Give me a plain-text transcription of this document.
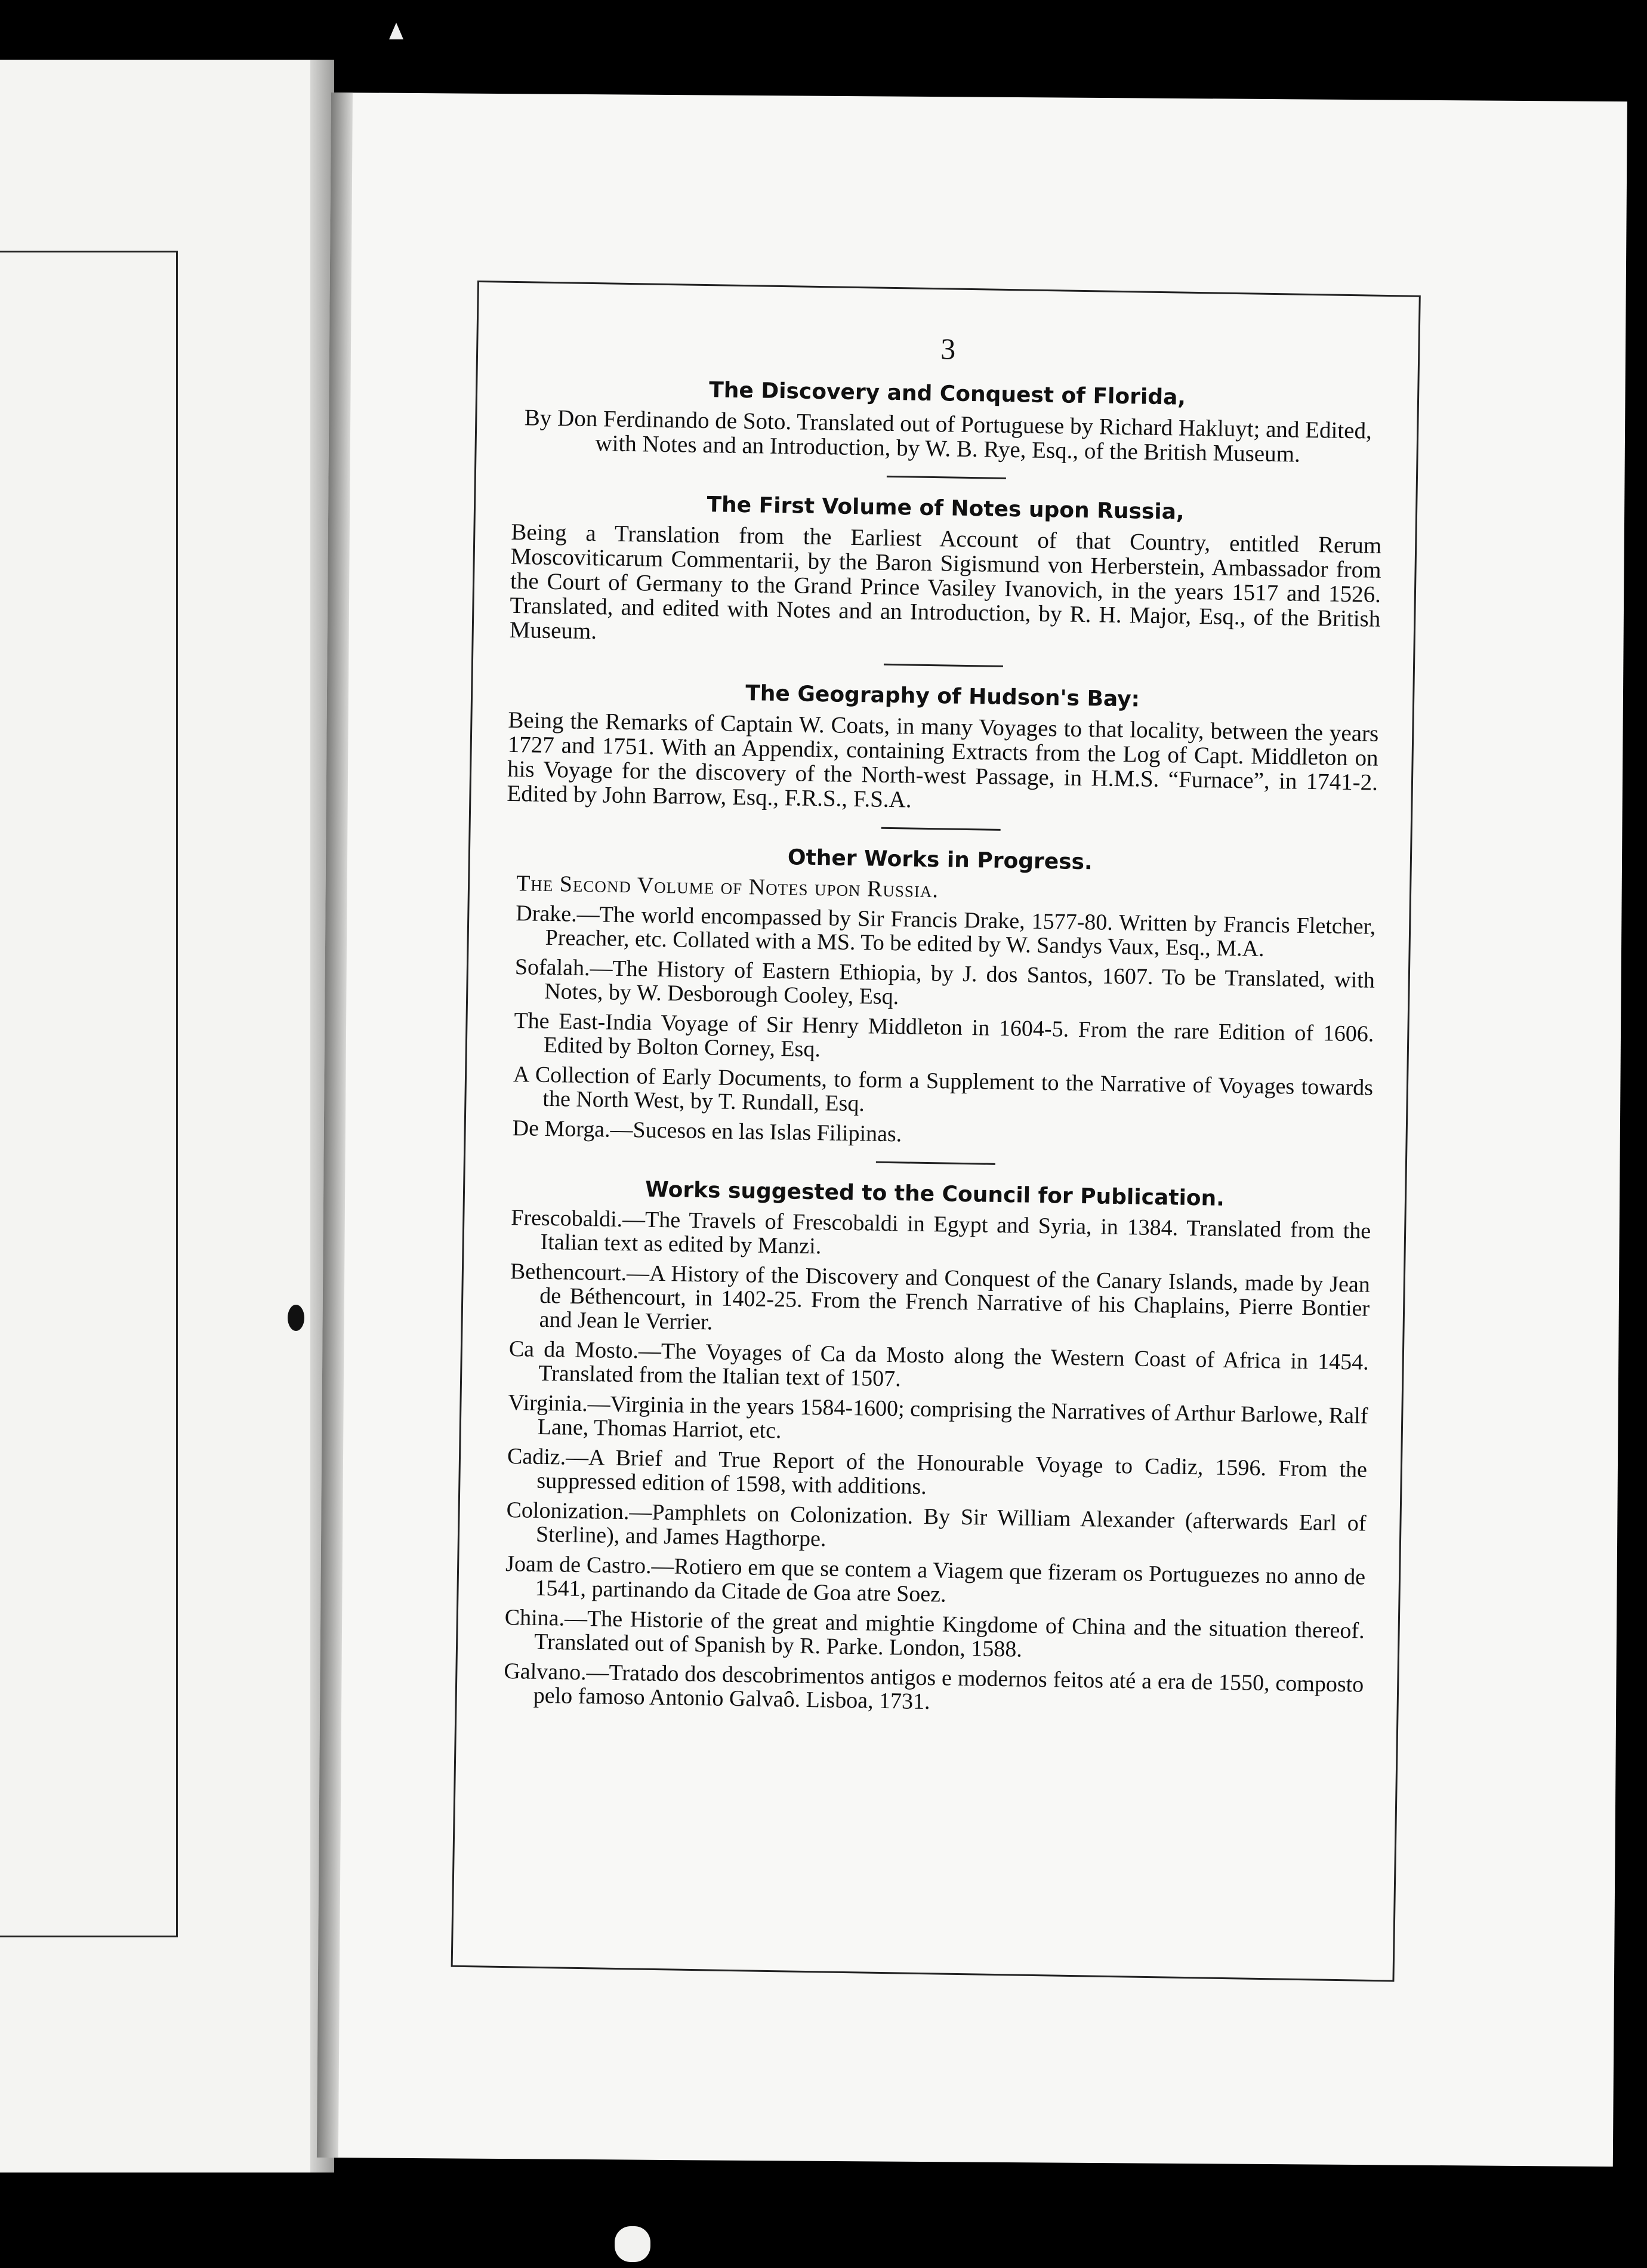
3
The Discovery and Conquest of Florida,
By Don Ferdinando de Soto. Translated out of Portuguese by Richard Hakluyt; and Edited, with Notes and an Introduction, by W. B. Rye, Esq., of the British Museum.
The First Volume of Notes upon Russia,
Being a Translation from the Earliest Account of that Country, entitled Rerum Moscoviticarum Commentarii, by the Baron Sigismund von Herberstein, Ambassador from the Court of Germany to the Grand Prince Vasiley Ivanovich, in the years 1517 and 1526. Translated, and edited with Notes and an Introduction, by R. H. Major, Esq., of the British Museum.
The Geography of Hudson's Bay:
Being the Remarks of Captain W. Coats, in many Voyages to that locality, between the years 1727 and 1751. With an Appendix, containing Extracts from the Log of Capt. Middleton on his Voyage for the discovery of the North-west Passage, in H.M.S. “Furnace”, in 1741-2. Edited by John Barrow, Esq., F.R.S., F.S.A.
Other Works in Progress.
The Second Volume of Notes upon Russia.
Drake.—The world encompassed by Sir Francis Drake, 1577-80. Written by Francis Fletcher, Preacher, etc. Collated with a MS. To be edited by W. Sandys Vaux, Esq., M.A.
Sofalah.—The History of Eastern Ethiopia, by J. dos Santos, 1607. To be Translated, with Notes, by W. Desborough Cooley, Esq.
The East-India Voyage of Sir Henry Middleton in 1604-5. From the rare Edition of 1606. Edited by Bolton Corney, Esq.
A Collection of Early Documents, to form a Supplement to the Narrative of Voyages towards the North West, by T. Rundall, Esq.
De Morga.—Sucesos en las Islas Filipinas.
Works suggested to the Council for Publication.
Frescobaldi.—The Travels of Frescobaldi in Egypt and Syria, in 1384. Translated from the Italian text as edited by Manzi.
Bethencourt.—A History of the Discovery and Conquest of the Canary Islands, made by Jean de Béthencourt, in 1402-25. From the French Narrative of his Chaplains, Pierre Bontier and Jean le Verrier.
Ca da Mosto.—The Voyages of Ca da Mosto along the Western Coast of Africa in 1454. Translated from the Italian text of 1507.
Virginia.—Virginia in the years 1584-1600; comprising the Narratives of Arthur Barlowe, Ralf Lane, Thomas Harriot, etc.
Cadiz.—A Brief and True Report of the Honourable Voyage to Cadiz, 1596. From the suppressed edition of 1598, with additions.
Colonization.—Pamphlets on Colonization. By Sir William Alexander (afterwards Earl of Sterline), and James Hagthorpe.
Joam de Castro.—Rotiero em que se contem a Viagem que fizeram os Portuguezes no anno de 1541, partinando da Citade de Goa atre Soez.
China.—The Historie of the great and mightie Kingdome of China and the situation thereof. Translated out of Spanish by R. Parke. London, 1588.
Galvano.—Tratado dos descobrimentos antigos e modernos feitos até a era de 1550, composto pelo famoso Antonio Galvaô. Lisboa, 1731.
